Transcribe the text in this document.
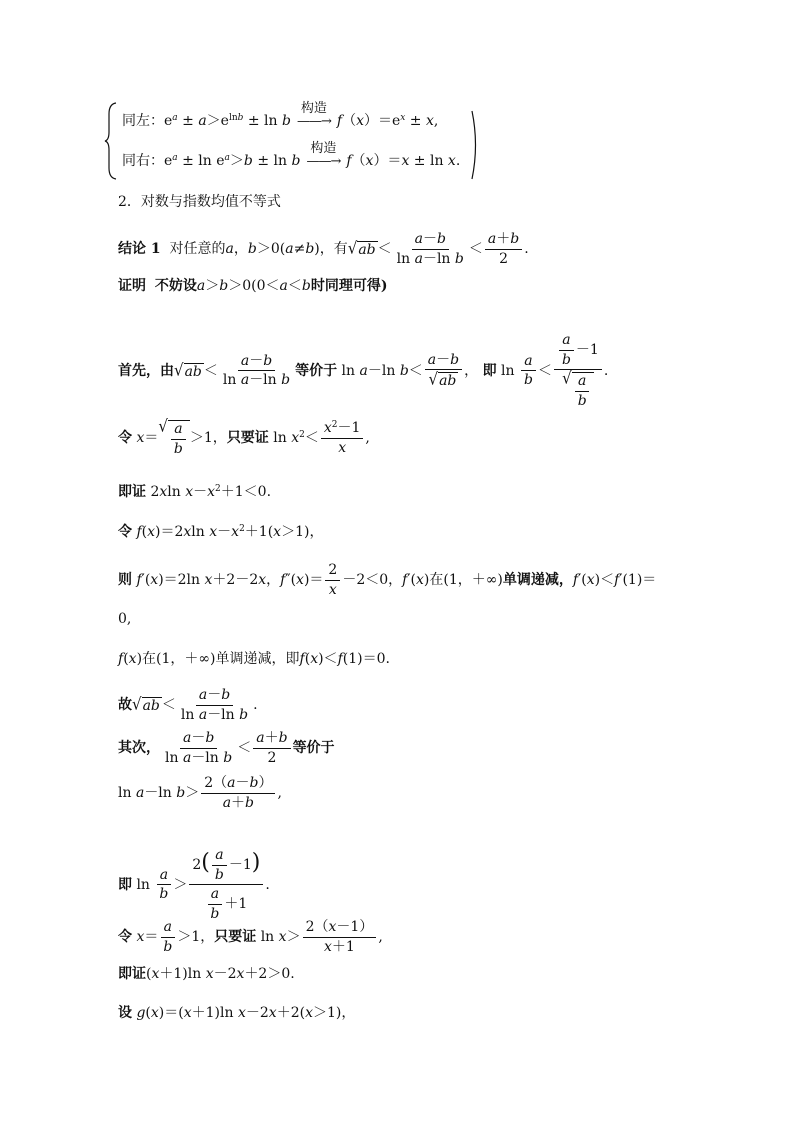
同左： $e^a \pm a>e^{lnb} \pm \ln b$
构造
——→ $f(x)=e^x \pm x$,
同右： $e^a \pm \ln e^a>b \pm \ln b$
构造
——→ f（x）＝x ± ln x.
2．对数与指数均值不等式
结论 1
对任意的 a，b＞0(a≠b)，有 √ ab ＜ $\frac{a-b}{\text{ln a－ln b}} < \frac{a+b}{2}$ .
证明
不妨设 a＞b＞0(0＜a＜b 时同理可得)
首先，由 √ ab ＜ $\frac{a-b}{\text{ln a－ln b}}$ 等价于 ln a－ln $b< \frac{a-b}{√ ab}$ ， 即 $\ln \frac{a}{b} < \frac{\frac{a}{b} -1}{√ \frac{a}{b}}$ .
令 x＝
√ $\frac{a}{b} >1$， 只要证 $\ln x^2< \frac{x^2-1}{x}$ ,
即证 2xln $x-x^2+1<0$.
令 f(x)＝2xln $x-x^2+1(x>1)$，
则 f′(x)＝2ln x＋2－2x，$f''(x)= \frac{2}{x} -2<0$，f′(x)在(1，＋∞) 单调递减， f′(x)＜f′(1)＝
0,
f(x)在(1，＋∞)单调递减，即f(x)＜f(1)＝0.
故 √ ab ＜ $\frac{a-b}{\text{ln a－ln b}}$ .
其次， $\frac{a-b}{\text{ln a－ln b}} < \frac{a+b}{2}$ 等价于
ln a－ln $b> \frac{2(a-b)}{a+b}$ ,
即 $\ln \frac{a}{b} > \frac{2( \frac{a}{b} -1)}{\frac{a}{b} +1}$ .
令 $x= \frac{a}{b} >1$， 只要证 $\ln x> \frac{2(x-1)}{x+1}$ ,
即证 (x＋1)ln x－2x＋2＞0.
设 g(x)＝(x＋1)ln x－2x＋2(x＞1)，
